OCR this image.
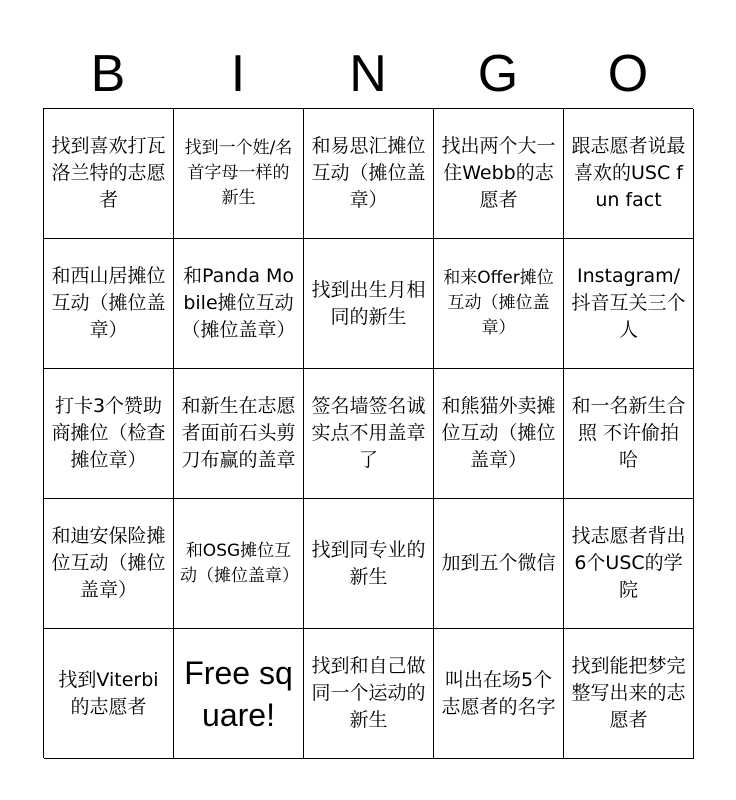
B	I	N	G	O
找到喜欢打瓦洛兰特的志愿者
找到一个姓/名首字母一样的新生
和易思汇摊位互动（摊位盖章）
找出两个大一住Webb的志愿者
跟志愿者说最喜欢的USC fun fact
和西山居摊位互动（摊位盖章）
和Panda Mobile摊位互动（摊位盖章）
找到出生月相同的新生
和来Offer摊位互动（摊位盖章）
Instagram/抖音互关三个人
打卡3个赞助商摊位（检查摊位章）
和新生在志愿者面前石头剪刀布赢的盖章
签名墙签名诚实点不用盖章了
和熊猫外卖摊位互动（摊位盖章）
和一名新生合照 不许偷拍哈
和迪安保险摊位互动（摊位盖章）
和OSG摊位互动（摊位盖章）
找到同专业的新生
加到五个微信
找志愿者背出6个USC的学院
找到Viterbi的志愿者
Free square!
找到和自己做同一个运动的新生
叫出在场5个志愿者的名字
找到能把梦完整写出来的志愿者
